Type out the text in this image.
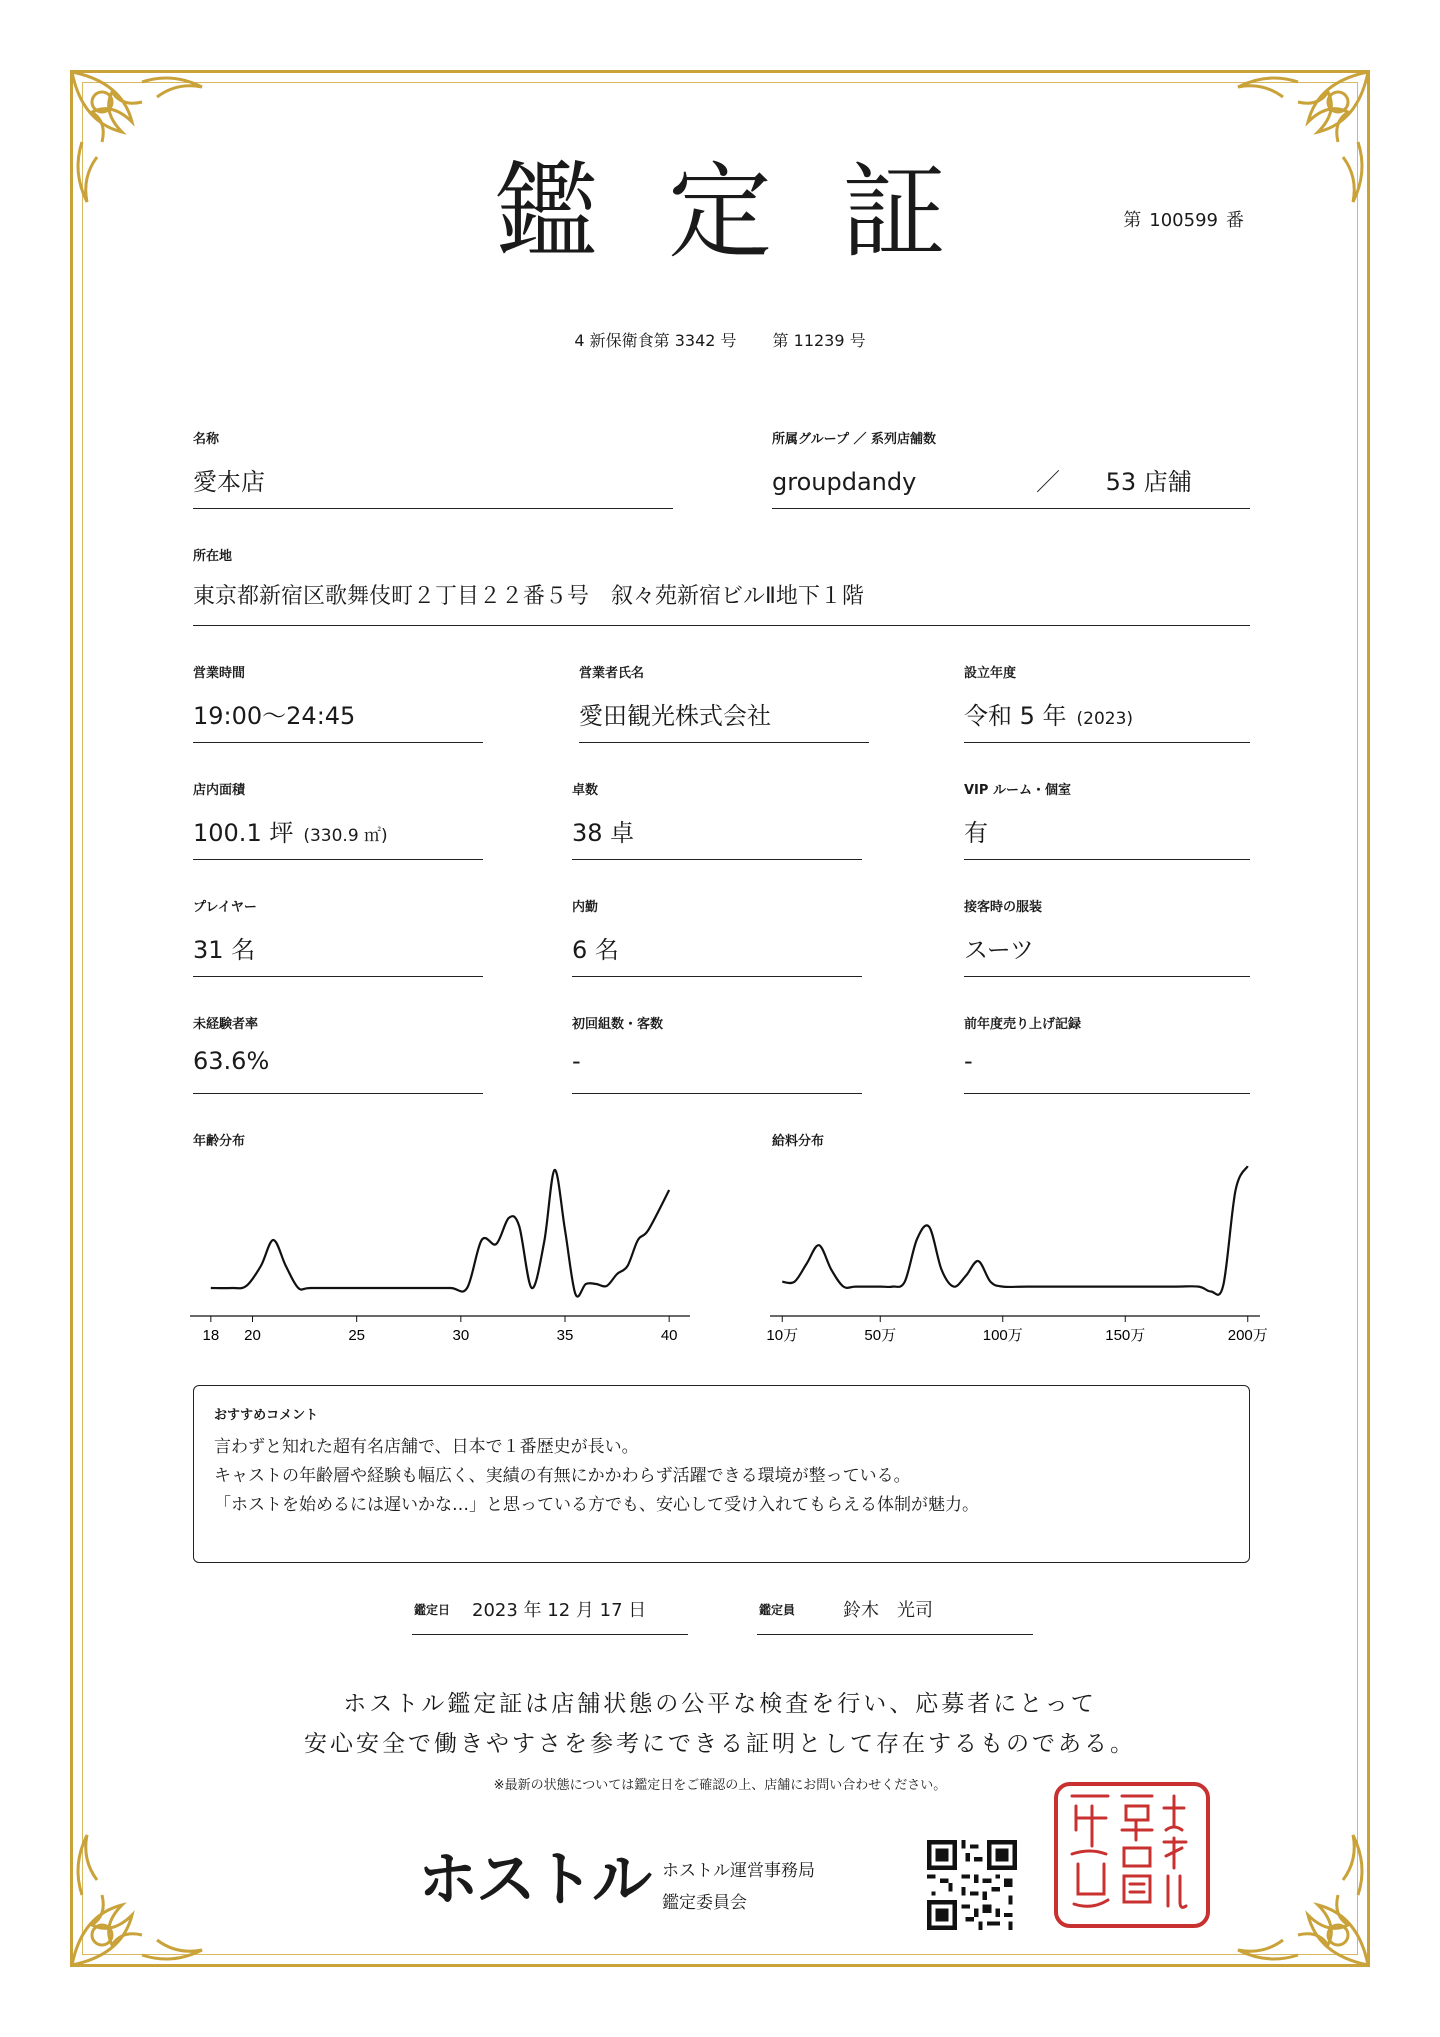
鑑定証	第 100599 番
4 新保衛食第 3342 号 第 11239 号
名称
愛本店
所属グループ ／ 系列店舗数
groupdandy	／ 53 店舗
所在地
東京都新宿区歌舞伎町２丁目２２番５号　叙々苑新宿ビルⅡ地下１階
営業時間
19:00〜24:45
営業者氏名
愛田観光株式会社
設立年度
令和 5 年 (2023)
店内面積
100.1 坪 (330.9 ㎡)
卓数
38 卓
VIP ルーム・個室
有
プレイヤー
31 名
内勤
6 名
接客時の服装
スーツ
未経験者率
63.6%
初回組数・客数
-
前年度売り上げ記録
-
年齢分布
18 20	25	30	35	40
給料分布
10万	50万	100万	150万	200万
おすすめコメント
言わずと知れた超有名店舗で、日本で１番歴史が長い。
キャストの年齢層や経験も幅広く、実績の有無にかかわらず活躍できる環境が整っている。
「ホストを始めるには遅いかな…」と思っている方でも、安心して受け入れてもらえる体制が魅力。
鑑定日 2023 年 12 月 17 日	鑑定員	鈴木　光司
ホストル鑑定証は店舗状態の公平な検査を行い、応募者にとって
安心安全で働きやすさを参考にできる証明として存在するものである。
※最新の状態については鑑定日をご確認の上、店舗にお問い合わせください。
ホストル ホストル運営事務局
鑑定委員会
